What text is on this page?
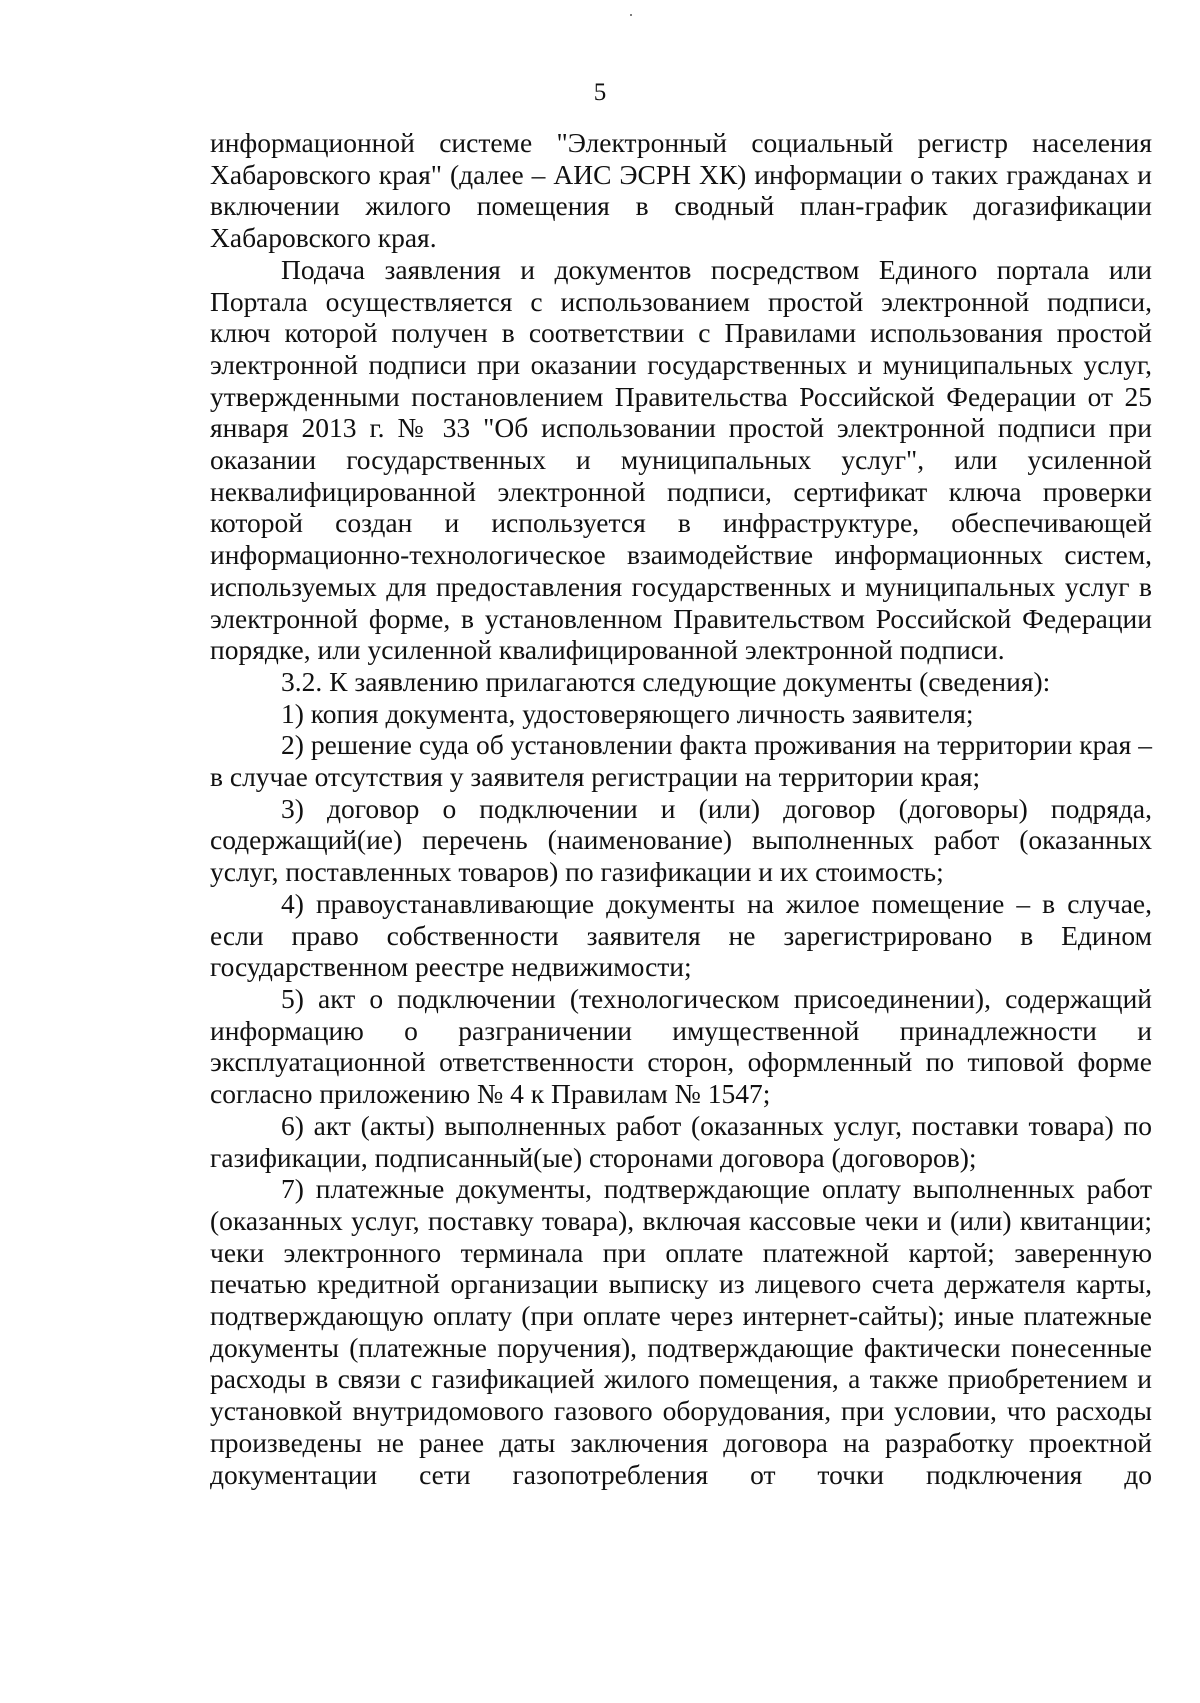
5

информационной системе "Электронный социальный регистр населения Хабаровского края" (далее – АИС ЭСРН ХК) информации о таких гражданах и включении жилого помещения в сводный план-график догазификации Хабаровского края.

Подача заявления и документов посредством Единого портала или Портала осуществляется с использованием простой электронной подписи, ключ которой получен в соответствии с Правилами использования простой электронной подписи при оказании государственных и муниципальных услуг, утвержденными постановлением Правительства Российской Федерации от 25 января 2013 г. № 33 "Об использовании простой электронной подписи при оказании государственных и муниципальных услуг", или усиленной неквалифицированной электронной подписи, сертификат ключа проверки которой создан и используется в инфраструктуре, обеспечивающей информационно-технологическое взаимодействие информационных систем, используемых для предоставления государственных и муниципальных услуг в электронной форме, в установленном Правительством Российской Федерации порядке, или усиленной квалифицированной электронной подписи.

3.2. К заявлению прилагаются следующие документы (сведения):

1) копия документа, удостоверяющего личность заявителя;

2) решение суда об установлении факта проживания на территории края – в случае отсутствия у заявителя регистрации на территории края;

3) договор о подключении и (или) договор (договоры) подряда, содержащий(ие) перечень (наименование) выполненных работ (оказанных услуг, поставленных товаров) по газификации и их стоимость;

4) правоустанавливающие документы на жилое помещение – в случае, если право собственности заявителя не зарегистрировано в Едином государственном реестре недвижимости;

5) акт о подключении (технологическом присоединении), содержащий информацию о разграничении имущественной принадлежности и эксплуатационной ответственности сторон, оформленный по типовой форме согласно приложению № 4 к Правилам № 1547;

6) акт (акты) выполненных работ (оказанных услуг, поставки товара) по газификации, подписанный(ые) сторонами договора (договоров);

7) платежные документы, подтверждающие оплату выполненных работ (оказанных услуг, поставку товара), включая кассовые чеки и (или) квитанции; чеки электронного терминала при оплате платежной картой; заверенную печатью кредитной организации выписку из лицевого счета держателя карты, подтверждающую оплату (при оплате через интернет-сайты); иные платежные документы (платежные поручения), подтверждающие фактически понесенные расходы в связи с газификацией жилого помещения, а также приобретением и установкой внутридомового газового оборудования, при условии, что расходы произведены не ранее даты заключения договора на разработку проектной документации сети газопотребления от точки подключения до
